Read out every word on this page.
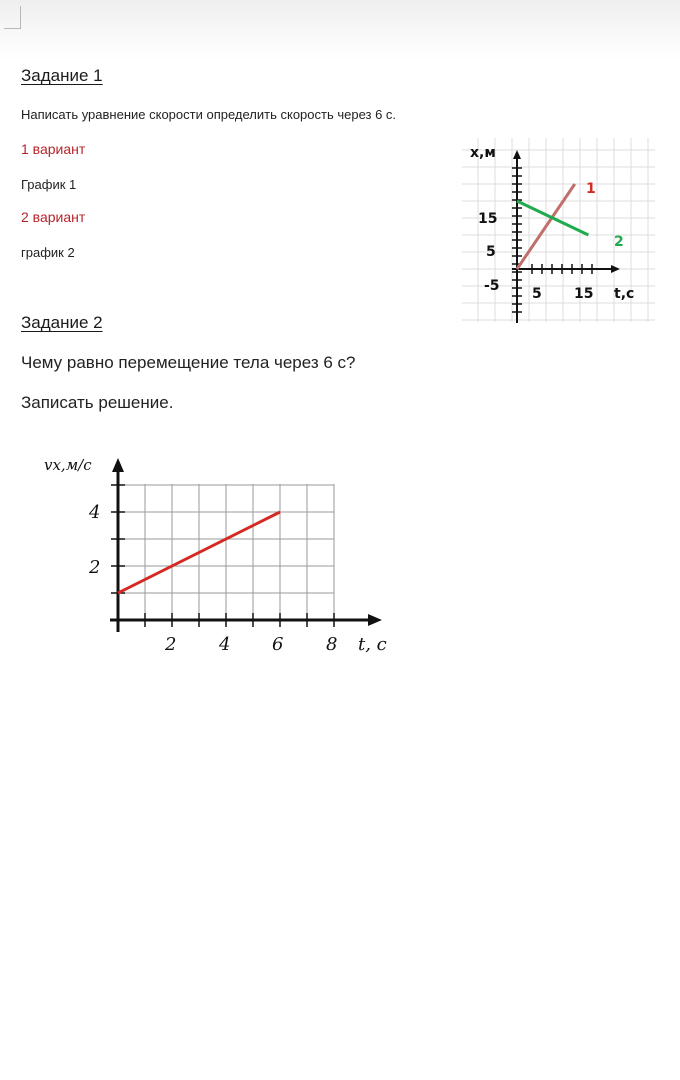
Задание 1

Написать уравнение скорости определить скорость через 6 с.

1 вариант

График 1

2 вариант

график 2

x,м
t,c
15
5
-5 5 15
1
2
Задание 2

Чему равно перемещение тела через 6 с?

Записать решение.

vx,м/с
t, c
4
2
2 4 6 8
